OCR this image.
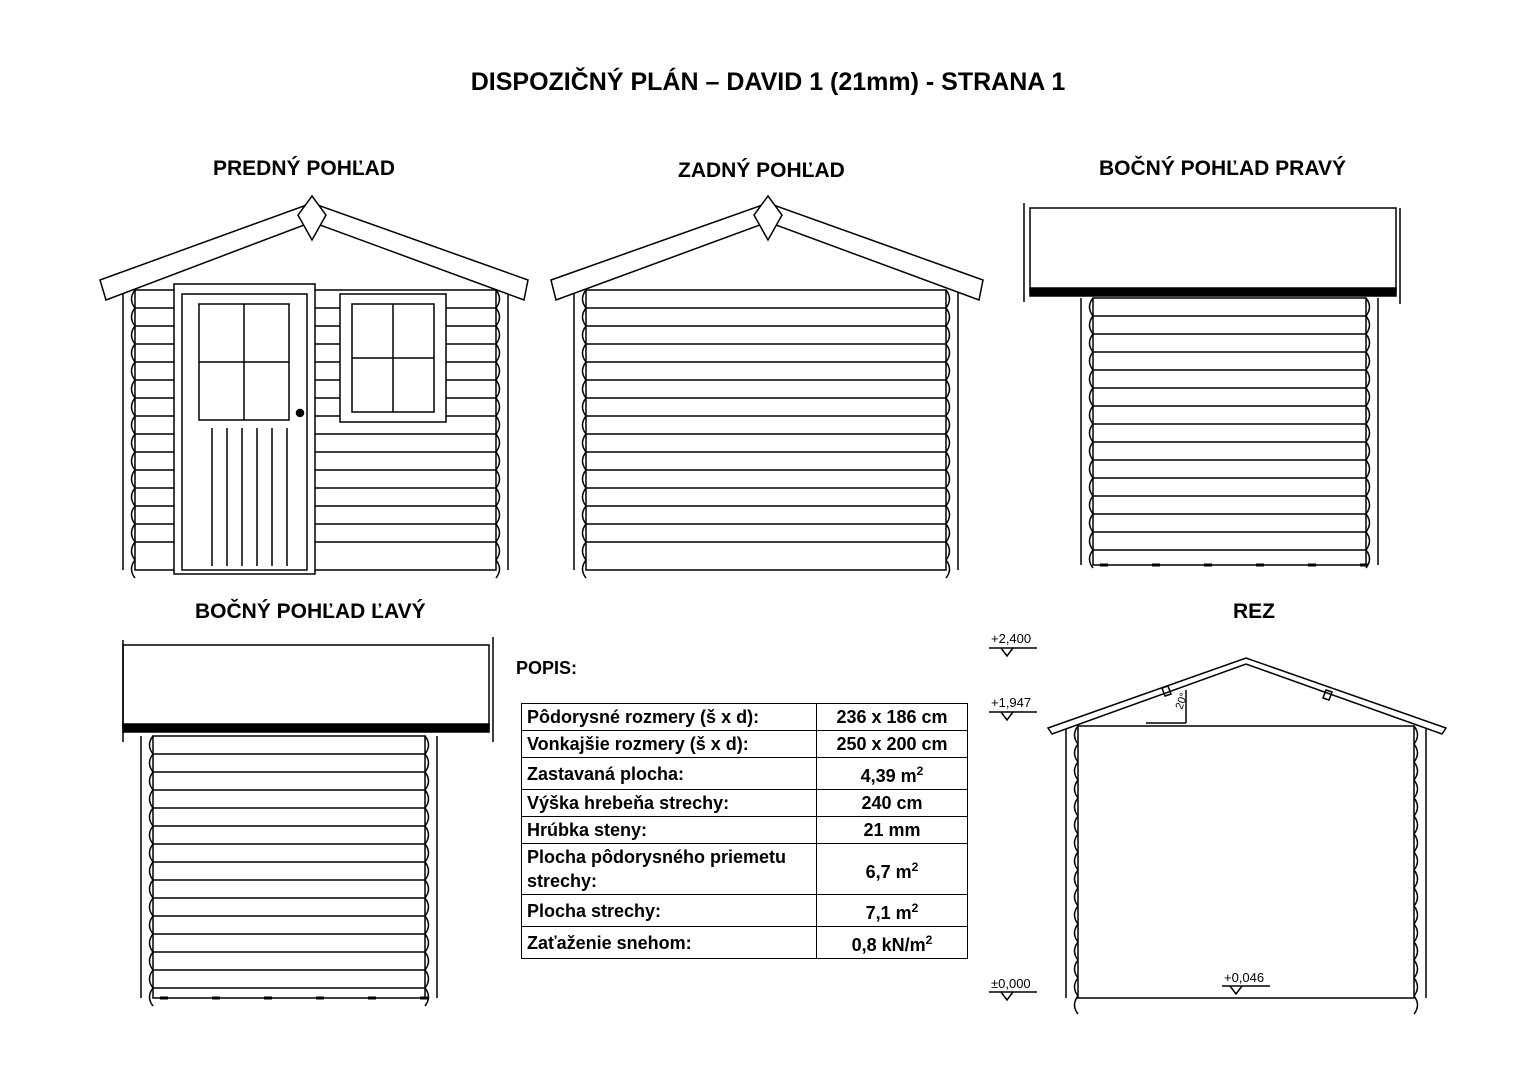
DISPOZIČNÝ PLÁN – DAVID 1 (21mm) - STRANA 1
PREDNÝ POHĽAD	ZADNÝ POHĽAD	BOČNÝ POHĽAD PRAVÝ
BOČNÝ POHĽAD ĽAVÝ	REZ
POPIS:
Pôdorysné rozmery (š x d):	236 x 186 cm
Vonkajšie rozmery (š x d):	250 x 200 cm
Zastavaná plocha:	4,39 $m^2$
Výška hrebeňa strechy:	240 cm
Hrúbka steny:	21 mm
Plocha pôdorysného priemetu strechy:	6,7 $m^2$
Plocha strechy:	7,1 $m^2$
Zaťaženie snehom:	0,8 $kN/m^2$
20°
+2,400
+1,947
±0,000	+0,046
